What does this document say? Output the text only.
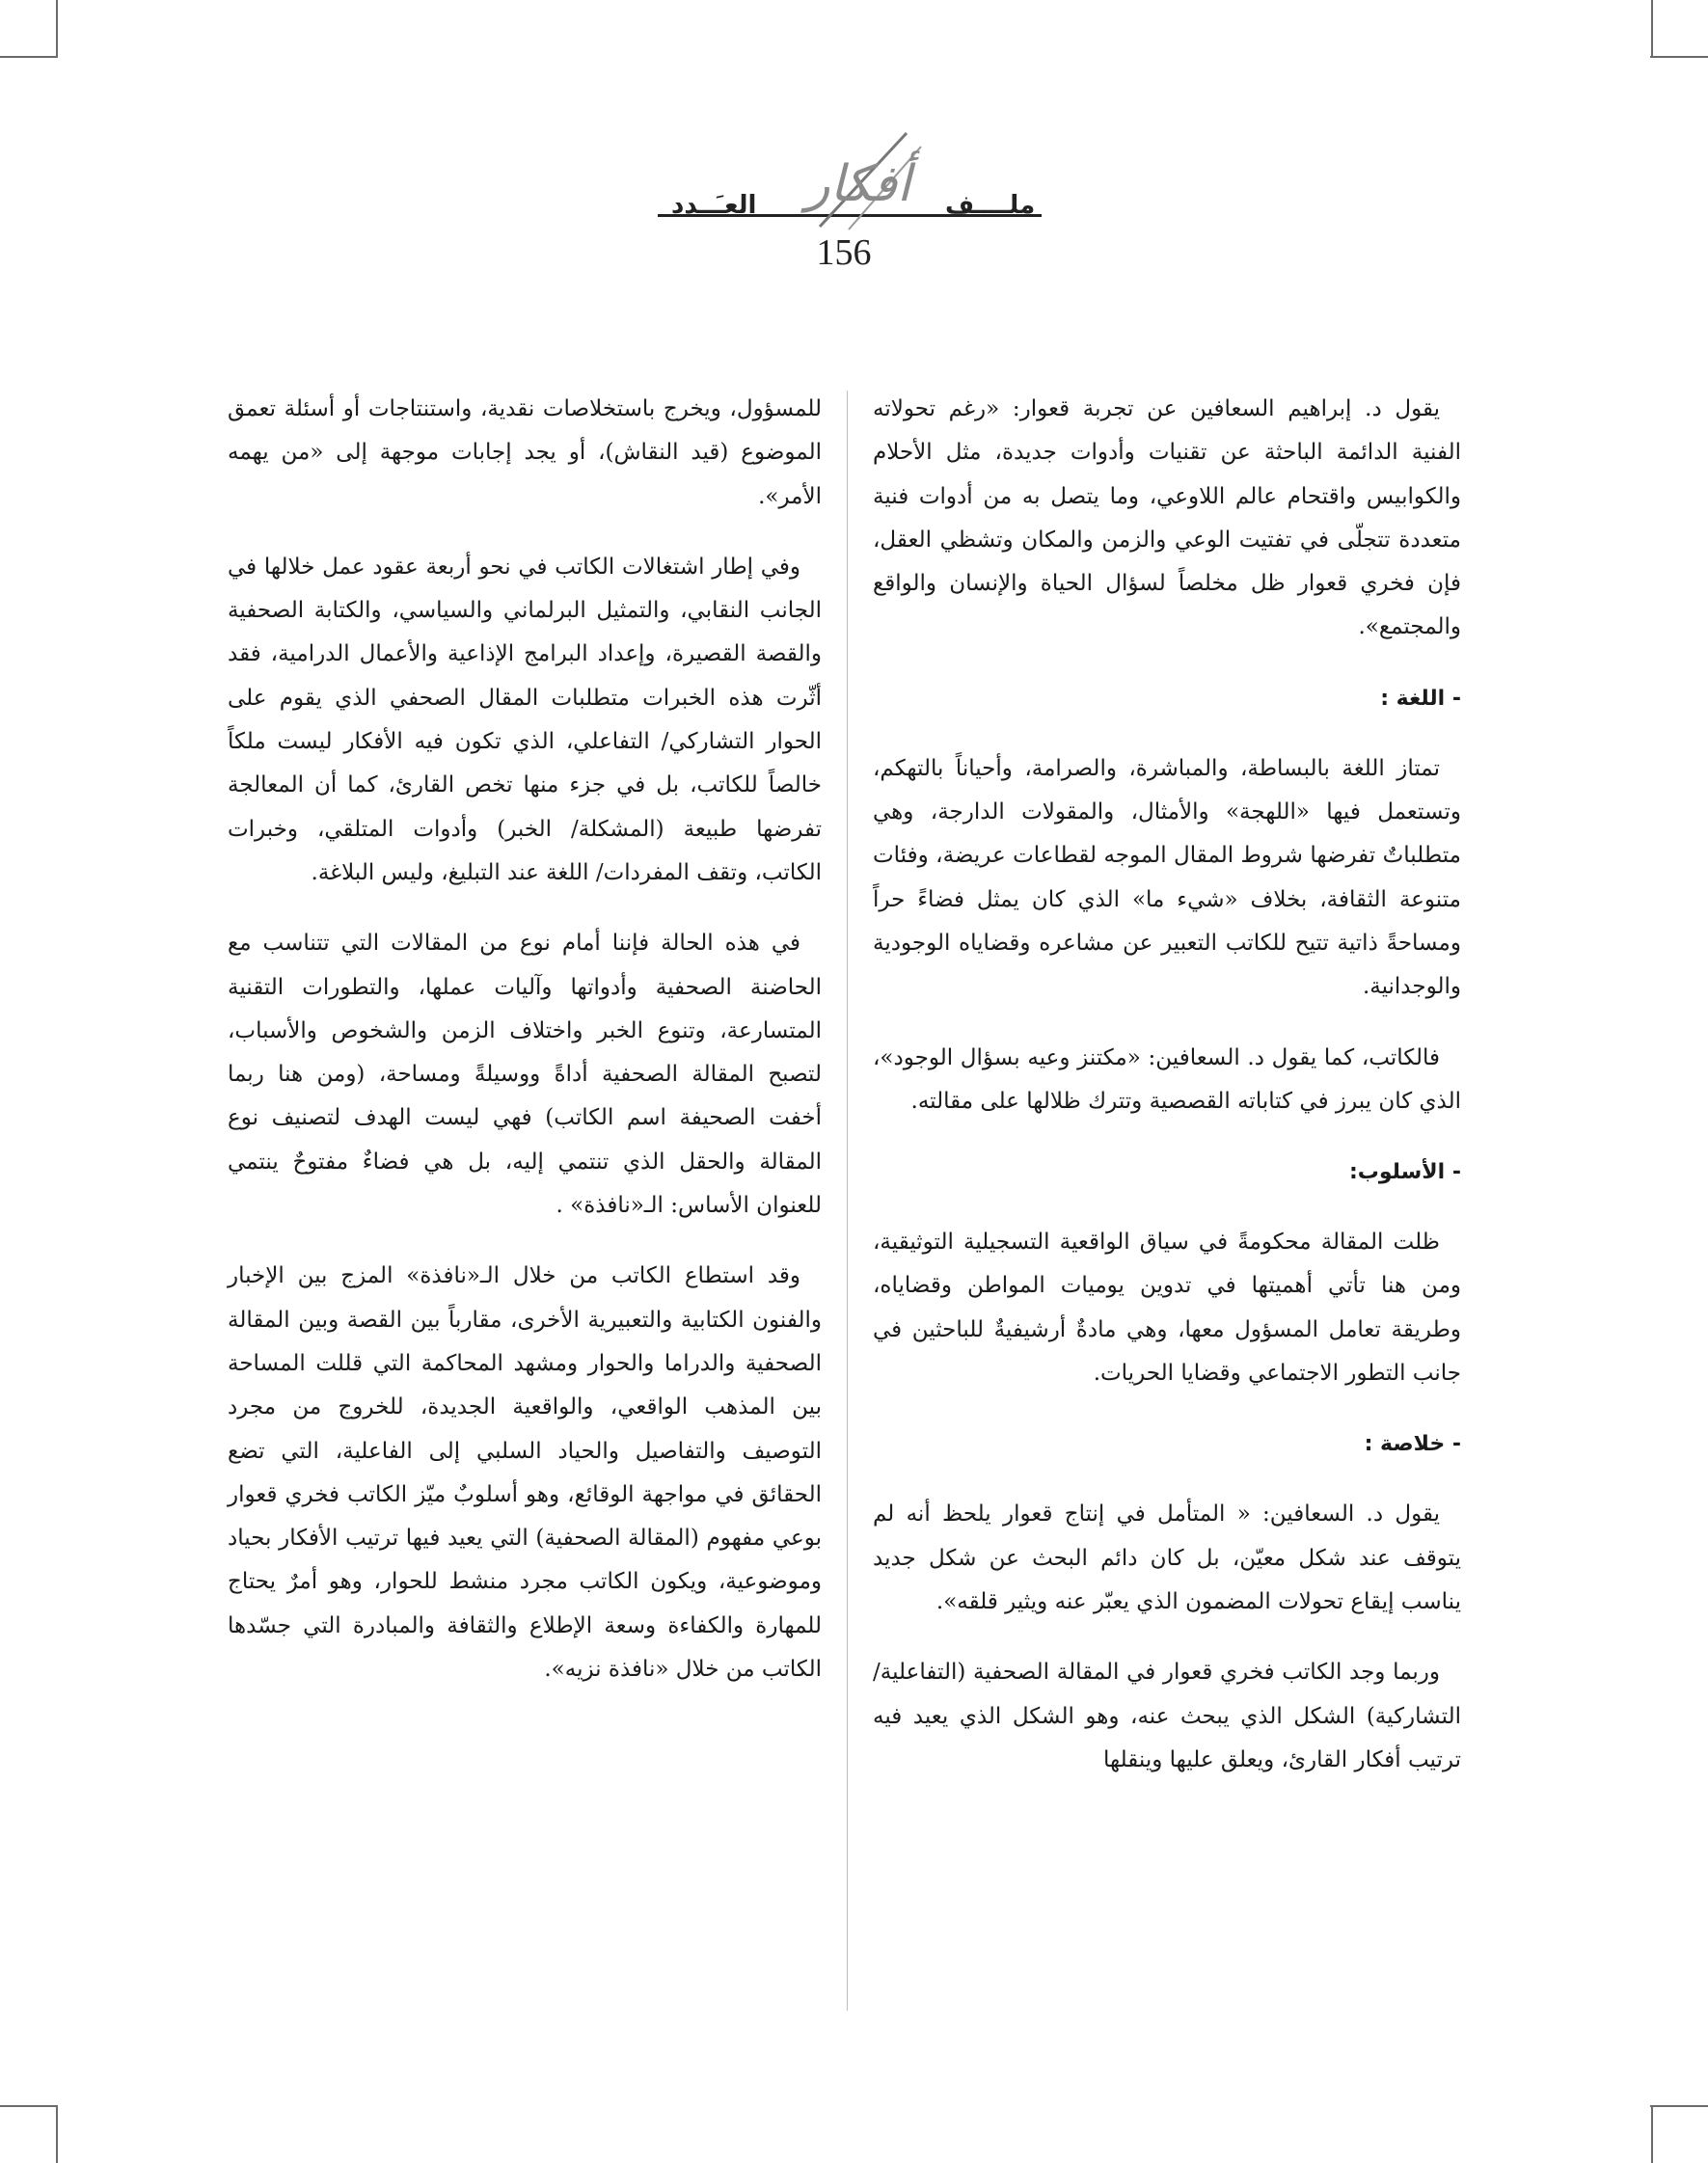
العـَــدد	ملــــف
أفكار
156

يقول د. إبراهيم السعافين عن تجربة قعوار: «رغم تحولاته الفنية الدائمة الباحثة عن تقنيات وأدوات جديدة، مثل الأحلام والكوابيس واقتحام عالم اللاوعي، وما يتصل به من أدوات فنية متعددة تتجلّى في تفتيت الوعي والزمن والمكان وتشظي العقل، فإن فخري قعوار ظل مخلصاً لسؤال الحياة والإنسان والواقع والمجتمع».

- اللغة :

تمتاز اللغة بالبساطة، والمباشرة، والصرامة، وأحياناً بالتهكم، وتستعمل فيها «اللهجة» والأمثال، والمقولات الدارجة، وهي متطلباتٌ تفرضها شروط المقال الموجه لقطاعات عريضة، وفئات متنوعة الثقافة، بخلاف «شيء ما» الذي كان يمثل فضاءً حراً ومساحةً ذاتية تتيح للكاتب التعبير عن مشاعره وقضاياه الوجودية والوجدانية.

فالكاتب، كما يقول د. السعافين: «مكتنز وعيه بسؤال الوجود»، الذي كان يبرز في كتاباته القصصية وتترك ظلالها على مقالته.

- الأسلوب:

ظلت المقالة محكومةً في سياق الواقعية التسجيلية التوثيقية، ومن هنا تأتي أهميتها في تدوين يوميات المواطن وقضاياه، وطريقة تعامل المسؤول معها، وهي مادةٌ أرشيفيةٌ للباحثين في جانب التطور الاجتماعي وقضايا الحريات.

- خلاصة :

يقول د. السعافين: « المتأمل في إنتاج قعوار يلحظ أنه لم يتوقف عند شكل معيّن، بل كان دائم البحث عن شكل جديد يناسب إيقاع تحولات المضمون الذي يعبّر عنه ويثير قلقه».

وربما وجد الكاتب فخري قعوار في المقالة الصحفية (التفاعلية/ التشاركية) الشكل الذي يبحث عنه، وهو الشكل الذي يعيد فيه ترتيب أفكار القارئ، ويعلق عليها وينقلها

للمسؤول، ويخرج باستخلاصات نقدية، واستنتاجات أو أسئلة تعمق الموضوع (قيد النقاش)، أو يجد إجابات موجهة إلى «من يهمه الأمر».

وفي إطار اشتغالات الكاتب في نحو أربعة عقود عمل خلالها في الجانب النقابي، والتمثيل البرلماني والسياسي، والكتابة الصحفية والقصة القصيرة، وإعداد البرامج الإذاعية والأعمال الدرامية، فقد أثّرت هذه الخبرات متطلبات المقال الصحفي الذي يقوم على الحوار التشاركي/ التفاعلي، الذي تكون فيه الأفكار ليست ملكاً خالصاً للكاتب، بل في جزء منها تخص القارئ، كما أن المعالجة تفرضها طبيعة (المشكلة/ الخبر) وأدوات المتلقي، وخبرات الكاتب، وتقف المفردات/ اللغة عند التبليغ، وليس البلاغة.

في هذه الحالة فإننا أمام نوع من المقالات التي تتناسب مع الحاضنة الصحفية وأدواتها وآليات عملها، والتطورات التقنية المتسارعة، وتنوع الخبر واختلاف الزمن والشخوص والأسباب، لتصبح المقالة الصحفية أداةً ووسيلةً ومساحة، (ومن هنا ربما أخفت الصحيفة اسم الكاتب) فهي ليست الهدف لتصنيف نوع المقالة والحقل الذي تنتمي إليه، بل هي فضاءٌ مفتوحٌ ينتمي للعنوان الأساس: الـ«نافذة» .

وقد استطاع الكاتب من خلال الـ«نافذة» المزج بين الإخبار والفنون الكتابية والتعبيرية الأخرى، مقارباً بين القصة وبين المقالة الصحفية والدراما والحوار ومشهد المحاكمة التي قللت المساحة بين المذهب الواقعي، والواقعية الجديدة، للخروج من مجرد التوصيف والتفاصيل والحياد السلبي إلى الفاعلية، التي تضع الحقائق في مواجهة الوقائع، وهو أسلوبٌ ميّز الكاتب فخري قعوار بوعي مفهوم (المقالة الصحفية) التي يعيد فيها ترتيب الأفكار بحياد وموضوعية، ويكون الكاتب مجرد منشط للحوار، وهو أمرٌ يحتاج للمهارة والكفاءة وسعة الإطلاع والثقافة والمبادرة التي جسّدها الكاتب من خلال «نافذة نزيه».
